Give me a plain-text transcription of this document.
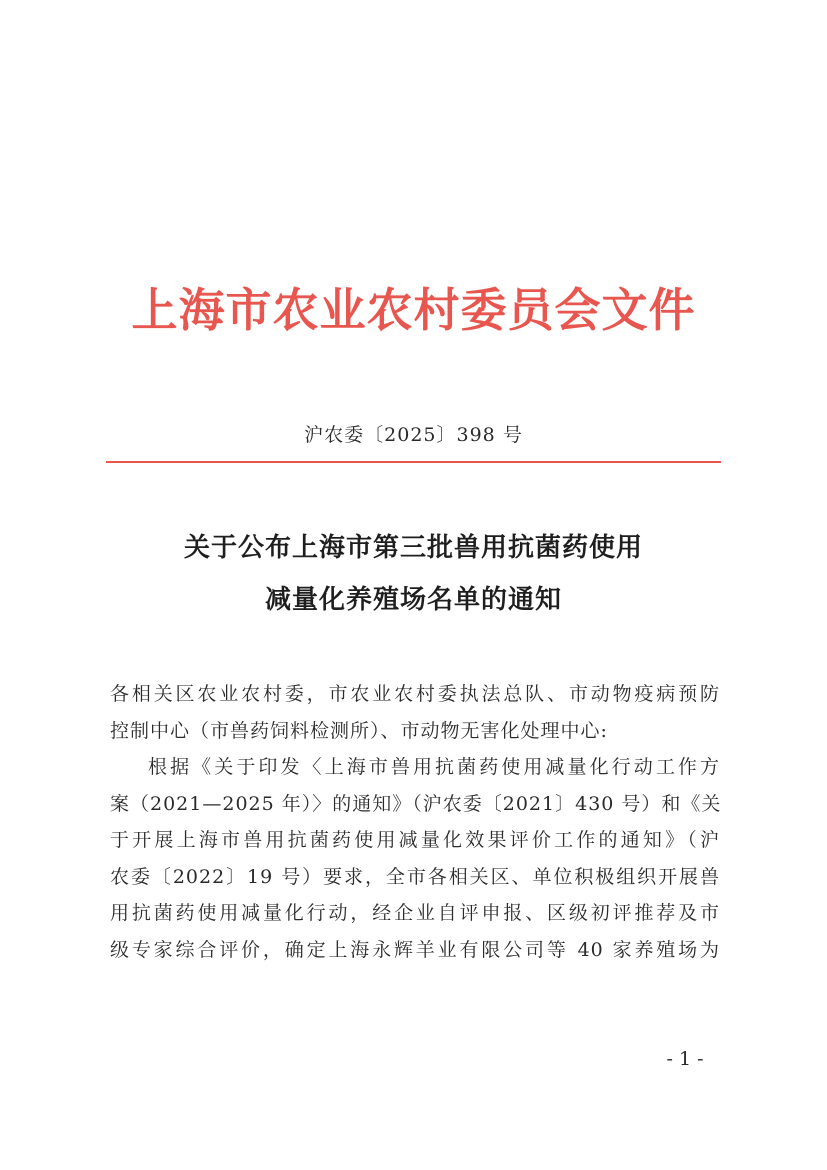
上海市农业农村委员会文件
沪农委〔2025〕398 号
关于公布上海市第三批兽用抗菌药使用
减量化养殖场名单的通知

各相关区农业农村委，市农业农村委执法总队、市动物疫病预防

控制中心（市兽药饲料检测所）、市动物无害化处理中心:

根据《关于印发〈上海市兽用抗菌药使用减量化行动工作方

案（2021—2025 年）〉的通知》（沪农委〔2021〕430 号）和《关

于开展上海市兽用抗菌药使用减量化效果评价工作的通知》（沪

农委〔2022〕19 号）要求，全市各相关区、单位积极组织开展兽

用抗菌药使用减量化行动，经企业自评申报、区级初评推荐及市

级专家综合评价，确定上海永辉羊业有限公司等 40 家养殖场为

- 1 -
